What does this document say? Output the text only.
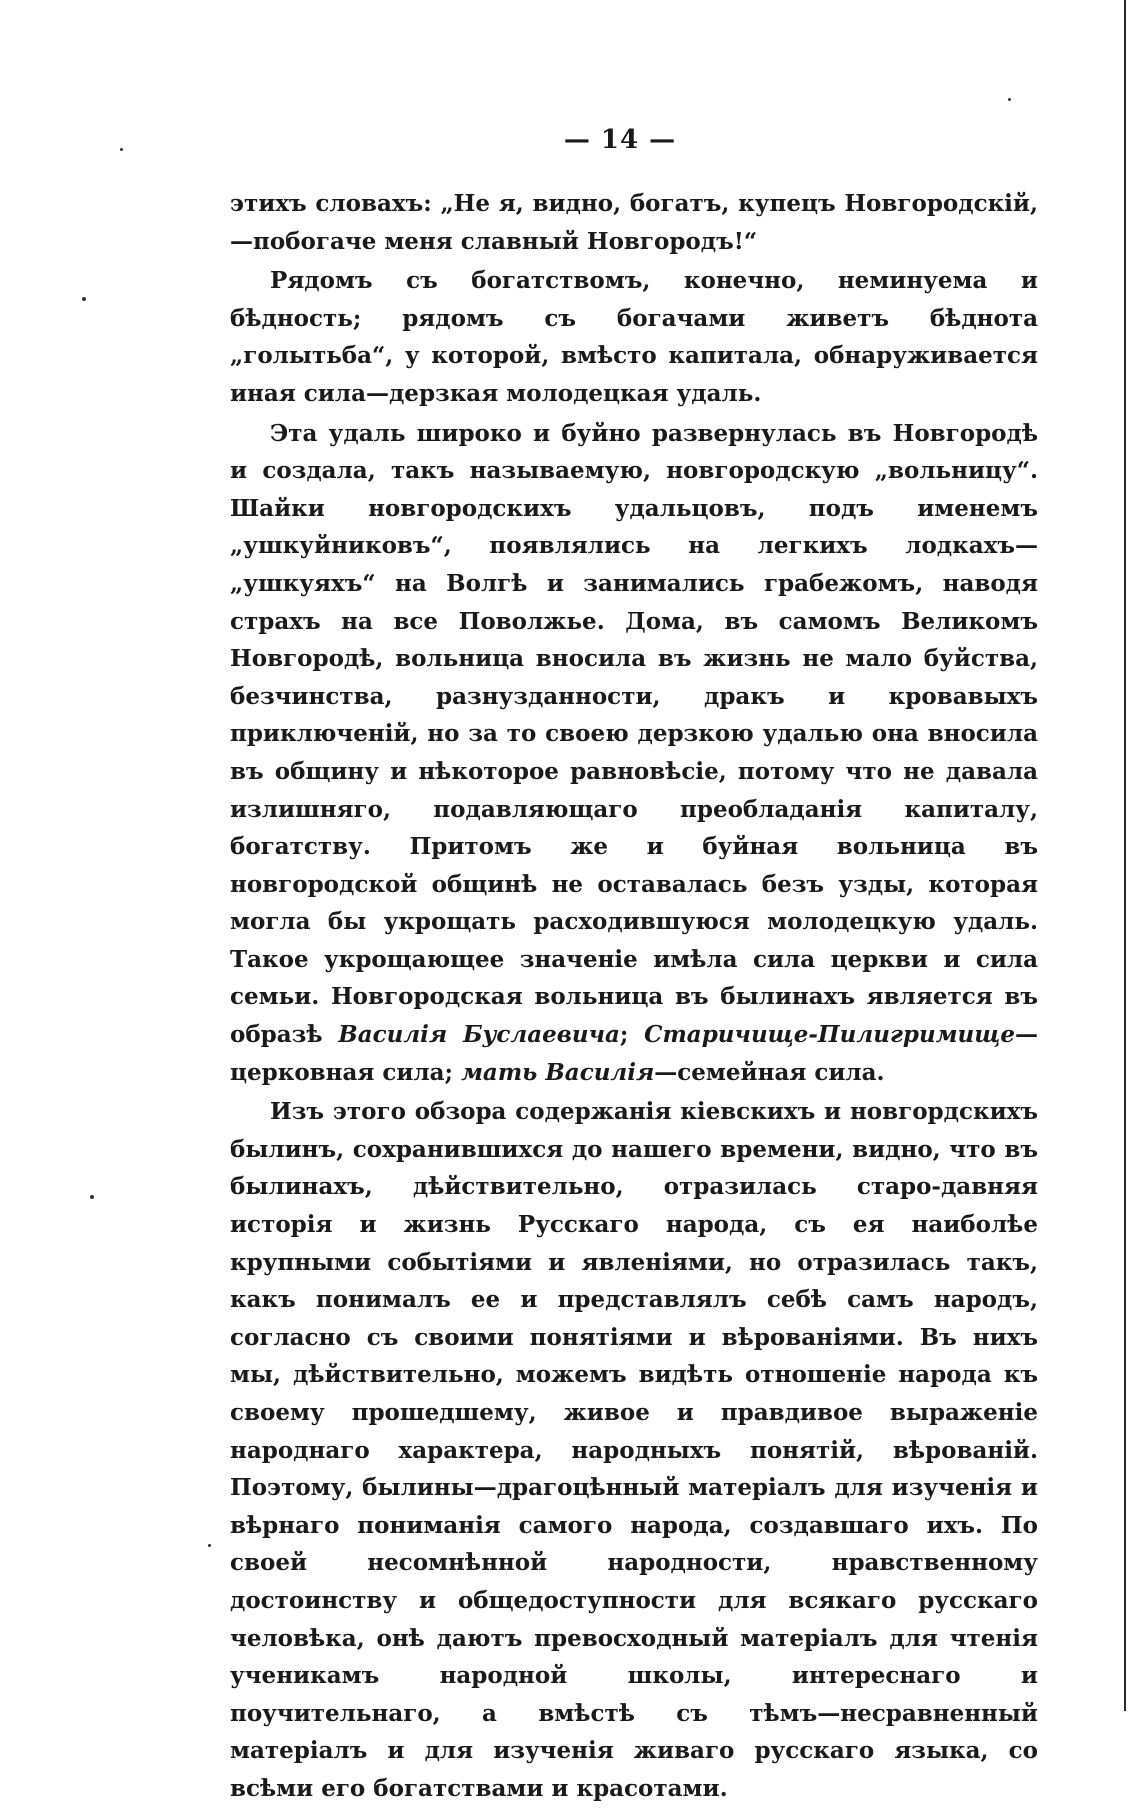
— 14 —

этихъ словахъ: „Не я, видно, богатъ, купецъ Новгородскій,—побогаче меня славный Новгородъ!“

Рядомъ съ богатствомъ, конечно, неминуема и бѣдность; рядомъ съ богачами живетъ бѣднота „голытьба“, у которой, вмѣсто капитала, обнаруживается иная сила—дерзкая молодецкая удаль.

Эта удаль широко и буйно развернулась въ Новгородѣ и создала, такъ называемую, новгородскую „вольницу“. Шайки новгородскихъ удальцовъ, подъ именемъ „ушкуйниковъ“, появлялись на легкихъ лодкахъ—„ушкуяхъ“ на Волгѣ и занимались грабежомъ, наводя страхъ на все Поволжье. Дома, въ самомъ Великомъ Новгородѣ, вольница вносила въ жизнь не мало буйства, безчинства, разнузданности, дракъ и кровавыхъ приключеній, но за то своею дерзкою удалью она вносила въ общину и нѣкоторое равновѣсіе, потому что не давала излишняго, подавляющаго преобладанія капиталу, богатству. Притомъ же и буйная вольница въ новгородской общинѣ не оставалась безъ узды, которая могла бы укрощать расходившуюся молодецкую удаль. Такое укрощающее значеніе имѣла сила церкви и сила семьи. Новгородская вольница въ былинахъ является въ образѣ Василія Буслаевича; Старичище-Пилигримище—церковная сила; мать Василія—семейная сила.

Изъ этого обзора содержанія кіевскихъ и новгордскихъ былинъ, сохранившихся до нашего времени, видно, что въ былинахъ, дѣйствительно, отразилась старо-давняя исторія и жизнь Русскаго народа, съ ея наиболѣе крупными событіями и явленіями, но отразилась такъ, какъ понималъ ее и представлялъ себѣ самъ народъ, согласно съ своими понятіями и вѣрованіями. Въ нихъ мы, дѣйствительно, можемъ видѣть отношеніе народа къ своему прошедшему, живое и правдивое выраженіе народнаго характера, народныхъ понятій, вѣрованій. Поэтому, былины—драгоцѣнный матеріалъ для изученія и вѣрнаго пониманія самого народа, создавшаго ихъ. По своей несомнѣнной народности, нравственному достоинству и общедоступности для всякаго русскаго человѣка, онѣ даютъ превосходный матеріалъ для чтенія ученикамъ народной школы, интереснаго и поучительнаго, а вмѣстѣ съ тѣмъ—несравненный матеріалъ и для изученія живаго русскаго языка, со всѣми его богатствами и красотами.
